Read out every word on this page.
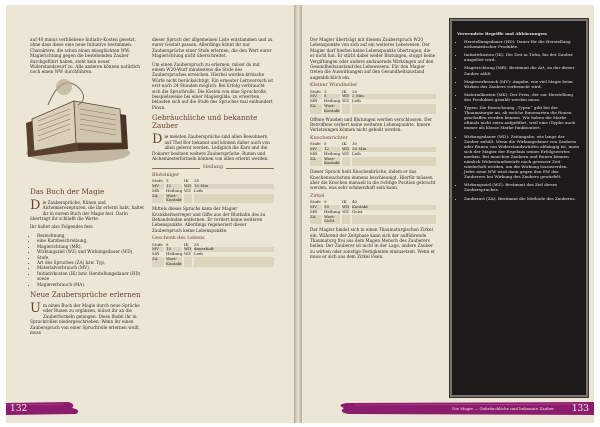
auf 40 minus verbliebene Initiativ-Kosten gesetzt, ohne dass diese eine neue Initiative bestimmen. Charaktere, die schon einen missglückten WW: Magierichtung gegen die bestehenden Zauber durchgeführt haben, steht kein neuer Widerstandswurf zu. Alle anderen können natürlich noch einen WW durchführen.

Das Buch der Magie

Die Zaubersprüche, Rünen und Alchemierezepturen, die ihr erlernt habt, haltet ihr in eurem Buch der Magie fest. Darin übertragt ihr schließt die Werte.

Ihr haltet also Folgendes fest:

• Bezeichnung,
• eine Kurzbeschreibung,
• Magierichtung (MR),
• Wirkungsziel (WZ) und Wirkungsdauer (WD),
• Stufe,
• Art des Spruches (ZA) bzw. Typ,
• Materialverbrauch (MV),
• Initiativkosten (IK) bzw. Herstellungsdauer (HD) sowie
• Magieverbrauch (MA).
Neue Zaubersprüche erlernen

Um einen Buch der Magie durch neue Sprüche oder Runen zu ergänzen, müsst ihr an die Zauberformeln gelangen. Diese findet ihr in Spruchrollen niedergeschrieben. Wenn ihr einen Zauberspruch von einer Spruchrolle erlernen wollt, muss

dieser Spruch der allgemeinen Liste entstammen und zu eurer Gestalt passen. Allerdings könnt ihr nur Zaubersprüche einer Stufe erlernen, die den Wert eurer Magierichtung nicht überschreitet.

Um einen Zauberspruch zu erlernen, müsst du mit einem W20-Wurf mindestens die Stufe des Zauberspruches erreichen. Hierbei werden kritische Würfe nicht berücksichtigt. Ein erneuter Lernversuch ist erst nach 24 Stunden möglich. Bei Erfolg verbraucht sich die Spruchrolle. Die Kosten von eine Spruchrolle, beispielsweise bei einer Magiergilde, zu erwerben, belaufen sich auf die Stufe des Spruches mal einhundert Pinun.

Gebräuchliche und bekannte Zauber

Die meisten Zaubersprüche sind allen Bewohnern auf Thel Bor bekannt und können daher auch von allen gelernt werden. Lediglich die Kars und die Dokarer besitzen weitere Zaubersprüche. Runen und Alchemiesterformeln können von allen erlernt werden.

Heilung
Bluteiniger
Stufe 5	IK	35
MV	12	WD 10 Min
MR	Heilung WZ Leib
ZA	Wort-Kontakt

Mittels dieses Spruchs kann der Magier Krankheitserreger und Gifte aus der Blutbahn des zu Behandelnden entfernen. Er verliert keine weiteren Lebenspunkte. Allerdings regeneriert dieser Zauberspruch keine Lebenspunkte.

Geschenk des Lebens
Stufe 8	IK	35
MV	15	WD dauerhaft
MR	Heilung WZ Leib
ZA	Wort-Kontakt
132

Der Magier überträgt mit diesem Zauberspruch W20 Lebenspunkte von sich auf ein weiteres Lebewesen. Der Magier darf hierbei keine Lebenspunkte übertragen, die er nicht hat. Er stirbt dabei weder Blutungen, stoppt keine Vergiftungen oder andere andauernde Wirkungen auf den Gesundheitszustand des Lebewesens. Für den Magier treten die Auswirkungen auf den Gesundheitszustand augenblicklich ein.

Kleiner Wundheiler
Stufe 3	IK	20
MV	8	WD 2 Min
MR	Heilung WZ Leib
ZA	Wort-Kontakt

Offene Wunden und Blutungen werden verschlossen. Der Betroffene verliert keine weiteren Lebenspunkte. Innere Verletzungen können nicht geheilt werden.

Knochenrichter
Stufe 5	IK	30
MV	12	WD 30 Min
MR	Heilung WZ Leib
ZA	Wort-Kontakt

Dieser Spruch heilt Knochenbrüche, indem er das Knochenwachstum immens beschleunigt. Hierfür müssen aber die Knochen manuell in die richtige Position gebracht werden, was sehr schmerzhaft sein kann.

Zirkel
Stufe 9	IK	40
MV	30	WD Kontakt
MR	Heilung WZ Geist
ZA	Wort-Sicht

Der Magier bindet sich in einen Thaumaturgischen Zirkel ein. Während der Zeitphase kann sich der aufführende Thaumaturg frei aus dem Magen Mensch des Zauberers heilen. Der Zauberer ist nicht in der Lage, andere Zauber zu wirken oder sonstige Fertigkeiten einzusetzen. Wenn er muss er sich aus dem Zirkel lösen.

Verwendete Begriffe und Abkürzungen:
• Herstellungsdauer (HD): Dauer für die Herstellung alchemistischer Produkte.
• Initiativkosten (IK): Die Zeit in Ticks, bis der Zauber ausgelöst wird.
• Magierichtung (MR): Bestimmt die Art, zu der dieser Zauber zählt.
• Magieverbrauch (MV): Angabe, wie viel Magie beim Wirken des Zaubers verbraucht wird.
• Materialkosten (MK): Der Preis, der zur Herstellung des Produktes gezahlt werden muss.
• Typen: Die Bezeichnung „Typen“ gibt bei der Thaumaturgie an, ab welche Runenarten die Runen geschaffen werden können. Wir haben die Marke oftmals nicht extra aufgeführt, weil eine Glyphe auch immer als blosse Marke funktioniert.
• Wirkungsdauer (WD): Zeitangabe, wie lange der Zauber anhält. Wenn die Wirkungsdauer von Zaubern oder Runen von Widerstandswürfen abhängig ist, muss sich der Magier der Ergebnis seines Erfolgswertes merken. Bei manchen Zaubern und Runen können nämlich Widerstandswürfe nach gewisser Zeit wiederholt werden, um die Wirkung loszuwerden. Jeder neue WW wird dann gegen den EW des Zauberers bei Wirkung des Zaubers gewürfelt.
• Wirkungsziel (WZ): Bestimmt das Ziel dieses Zauberspruches.
• Zauberart (ZA): Bestimmt die Methode des Zauberns.
Die Magie — Gebräuchliche und bekannte Zauber 133
